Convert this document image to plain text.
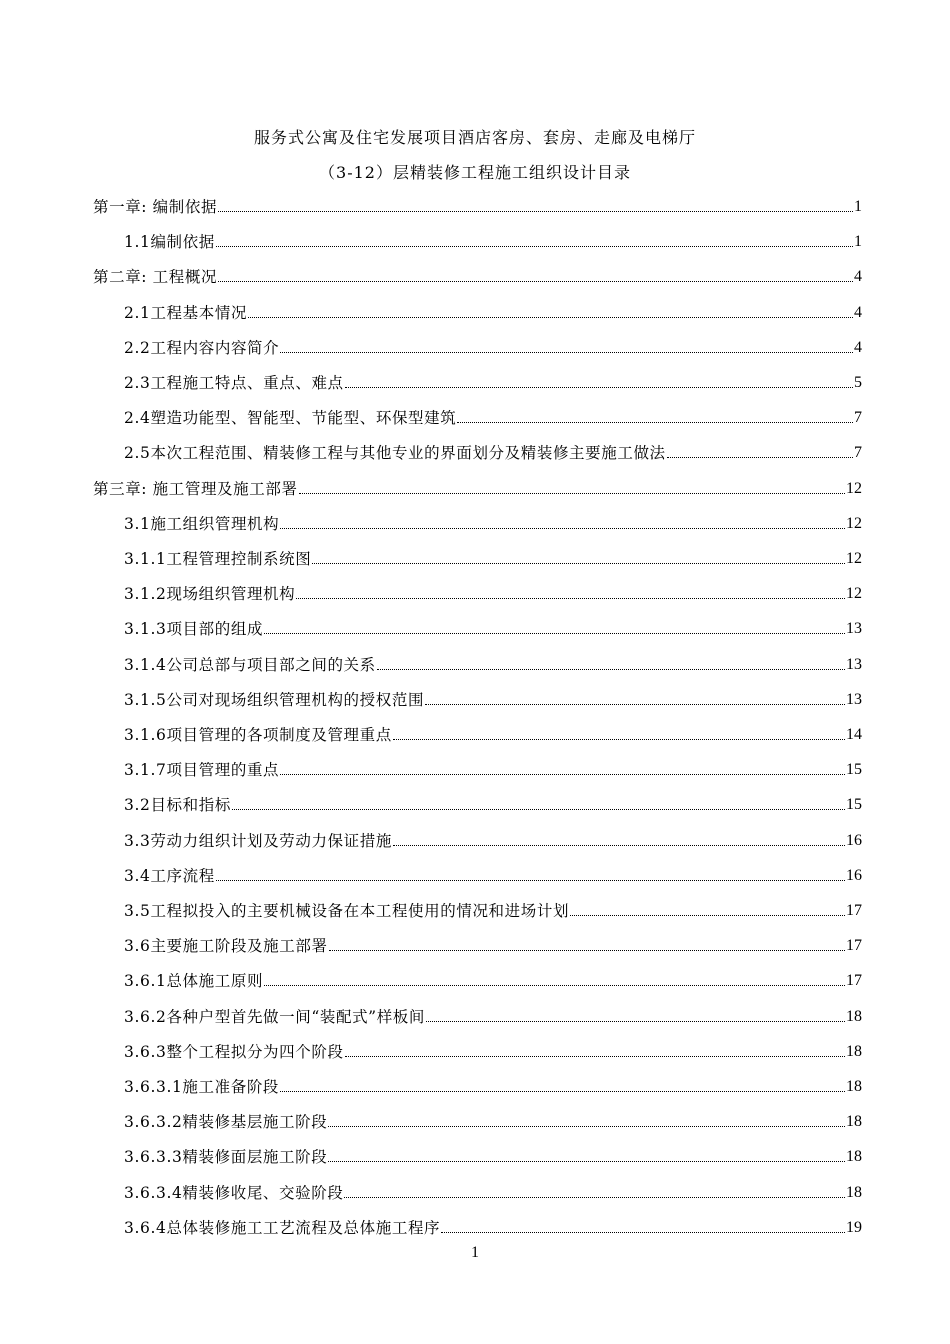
服务式公寓及住宅发展项目酒店客房、套房、走廊及电梯厅
（3-12）层精装修工程施工组织设计目录
第一章: 编制依据	1
1.1编制依据	1
第二章: 工程概况	4
2.1工程基本情况	4
2.2工程内容内容简介	4
2.3工程施工特点、重点、难点	5
2.4塑造功能型、智能型、节能型、环保型建筑	7
2.5本次工程范围、精装修工程与其他专业的界面划分及精装修主要施工做法	7
第三章: 施工管理及施工部署	12
3.1施工组织管理机构	12
3.1.1工程管理控制系统图	12
3.1.2现场组织管理机构	12
3.1.3项目部的组成	13
3.1.4公司总部与项目部之间的关系	13
3.1.5公司对现场组织管理机构的授权范围	13
3.1.6项目管理的各项制度及管理重点	14
3.1.7项目管理的重点	15
3.2目标和指标	15
3.3劳动力组织计划及劳动力保证措施	16
3.4工序流程	16
3.5工程拟投入的主要机械设备在本工程使用的情况和进场计划	17
3.6主要施工阶段及施工部署	17
3.6.1总体施工原则	17
3.6.2各种户型首先做一间“装配式”样板间	18
3.6.3整个工程拟分为四个阶段	18
3.6.3.1施工准备阶段	18
3.6.3.2精装修基层施工阶段	18
3.6.3.3精装修面层施工阶段	18
3.6.3.4精装修收尾、交验阶段	18
3.6.4总体装修施工工艺流程及总体施工程序	19
1
